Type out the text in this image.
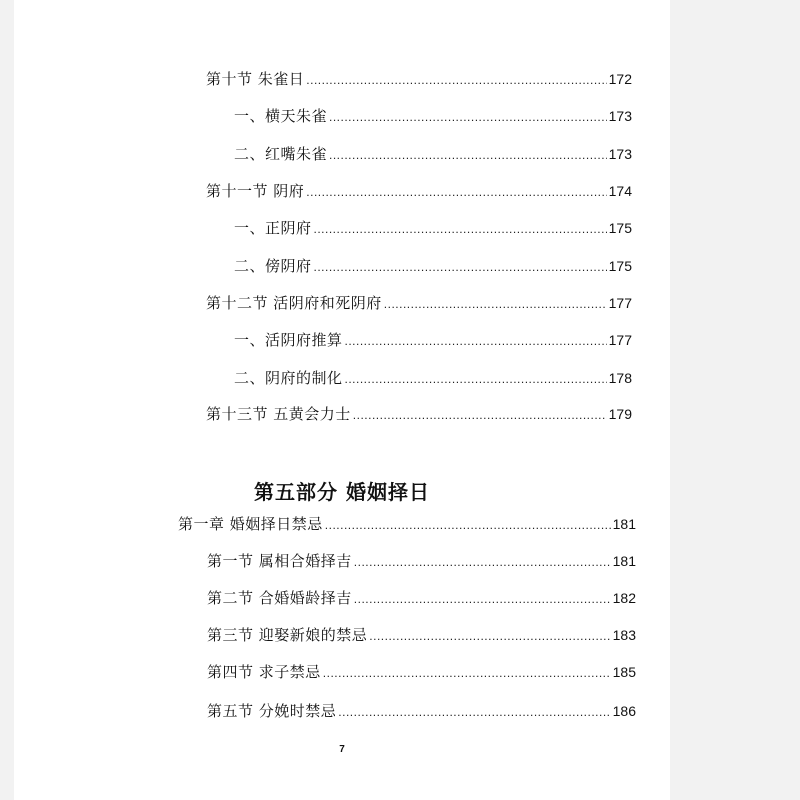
第十节 朱雀日 .....	172
一、横天朱雀 .....	173
二、红嘴朱雀 .....	173
第十一节 阴府 .....	174
一、正阴府 .....	175
二、傍阴府 .....	175
第十二节 活阴府和死阴府 .....	177
一、活阴府推算 .....	177
二、阴府的制化 .....	178
第十三节 五黄会力士 .....	179
第五部分 婚姻择日
第一章 婚姻择日禁忌 .....	181
第一节 属相合婚择吉 .....	181
第二节 合婚婚龄择吉 .....	182
第三节 迎娶新娘的禁忌 .....	183
第四节 求子禁忌 .....	185
第五节 分娩时禁忌 .....	186
7
